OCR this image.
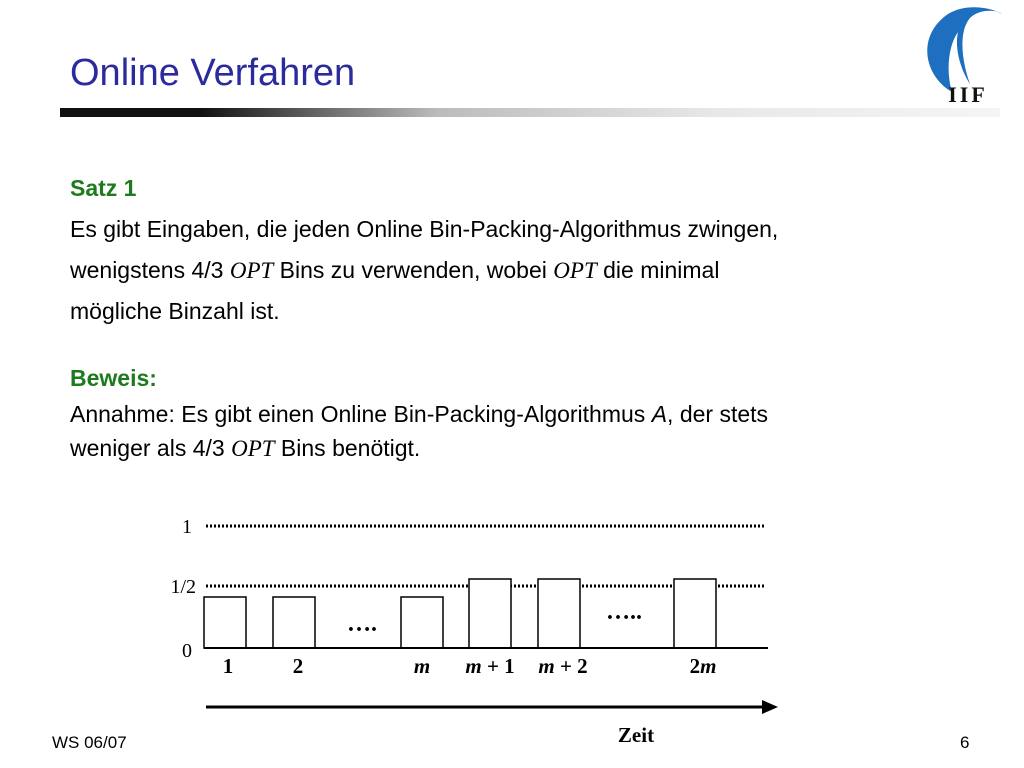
Online Verfahren
IIF

Satz 1

Es gibt Eingaben, die jeden Online Bin-Packing-Algorithmus zwingen,

wenigstens 4/3 OPT Bins zu verwenden, wobei OPT die minimal

mögliche Binzahl ist.

Beweis:

Annahme: Es gibt einen Online Bin-Packing-Algorithmus A, der stets

weniger als 4/3 OPT Bins benötigt.

1
1/2
0
….	…..
1	2	m m + 1 m + 2	2m
Zeit
WS 06/07	6
